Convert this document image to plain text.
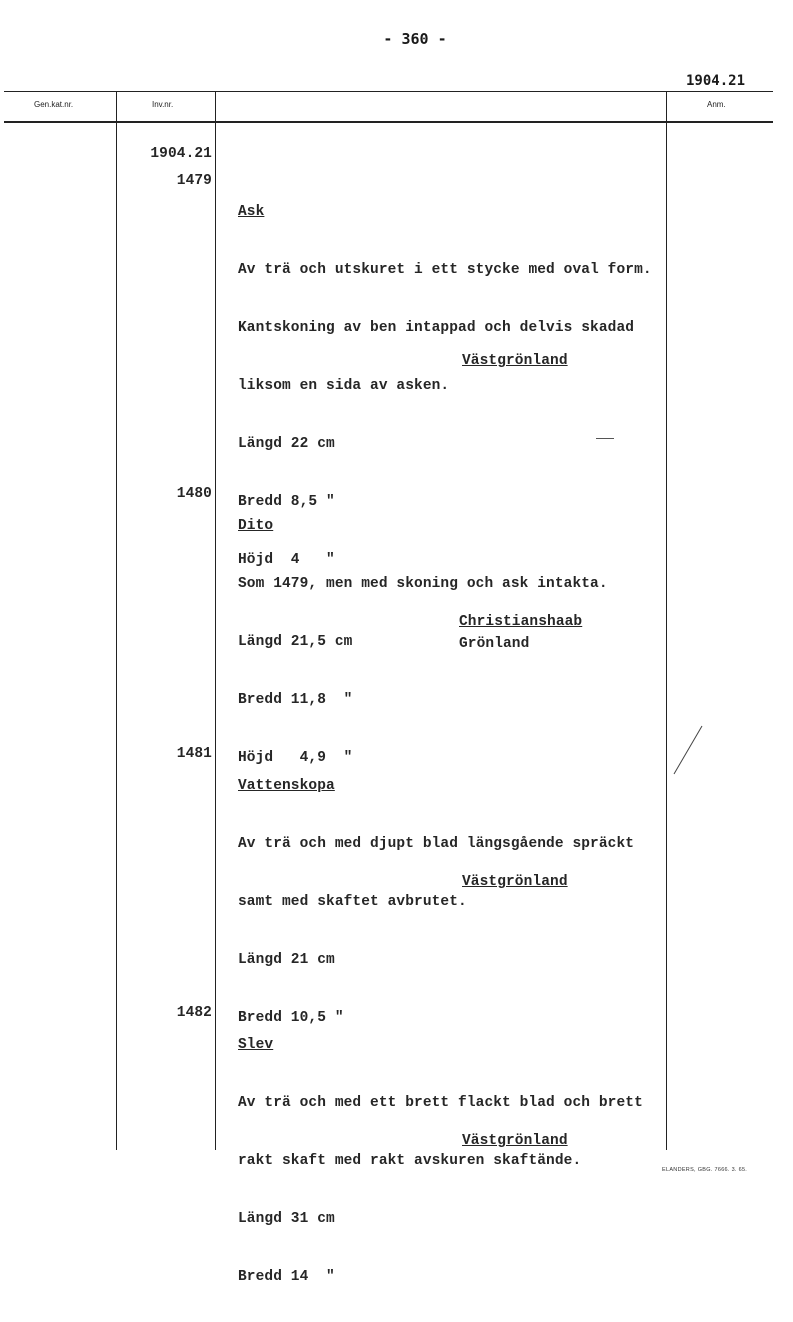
- 360 -
1904.21
Gen.kat.nr.	Inv.nr.	Anm.
1904.21
1479

Ask

Av trä och utskuret i ett stycke med oval form.

Kantskoning av ben intappad och delvis skadad

liksom en sida av asken.

Längd 22 cm

Bredd 8,5 "

Höjd  4   "

Västgrönland
1480

Dito

Som 1479, men med skoning och ask intakta.

Längd 21,5 cm

Bredd 11,8  "

Höjd   4,9  "

Christianshaab
Grönland
1481

Vattenskopa

Av trä och med djupt blad längsgående spräckt

samt med skaftet avbrutet.

Längd 21 cm

Bredd 10,5 "

Västgrönland
1482

Slev

Av trä och med ett brett flackt blad och brett

rakt skaft med rakt avskuren skaftände.

Längd 31 cm

Bredd 14  "

Västgrönland
ELANDERS, GBG. 7666. 3. 65.
